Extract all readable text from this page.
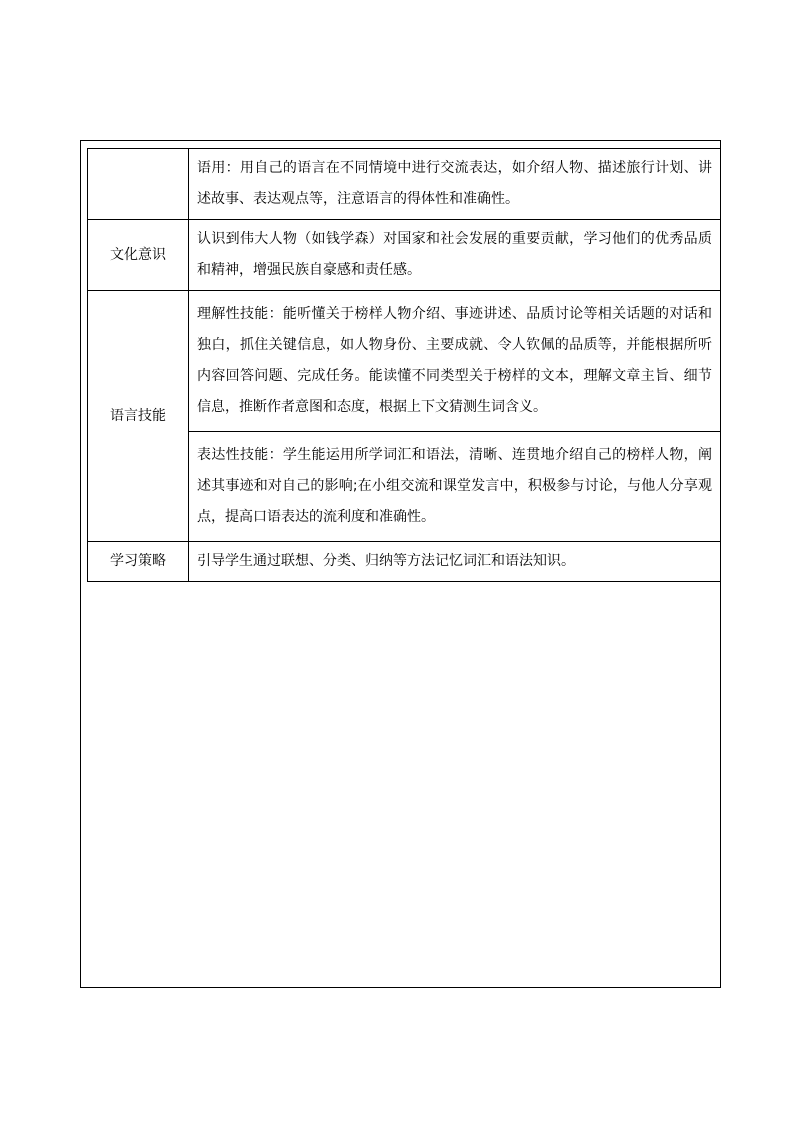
	语用：用自己的语言在不同情境中进行交流表达，如介绍人物、描述旅行计划、讲述故事、表达观点等，注意语言的得体性和准确性。
文化意识	认识到伟大人物（如钱学森）对国家和社会发展的重要贡献，学习他们的优秀品质和精神，增强民族自豪感和责任感。
语言技能	理解性技能：能听懂关于榜样人物介绍、事迹讲述、品质讨论等相关话题的对话和独白，抓住关键信息，如人物身份、主要成就、令人钦佩的品质等，并能根据所听内容回答问题、完成任务。能读懂不同类型关于榜样的文本，理解文章主旨、细节信息，推断作者意图和态度，根据上下文猜测生词含义。
	表达性技能：学生能运用所学词汇和语法，清晰、连贯地介绍自己的榜样人物，阐述其事迹和对自己的影响;在小组交流和课堂发言中，积极参与讨论，与他人分享观点，提高口语表达的流利度和准确性。
学习策略	引导学生通过联想、分类、归纳等方法记忆词汇和语法知识。
